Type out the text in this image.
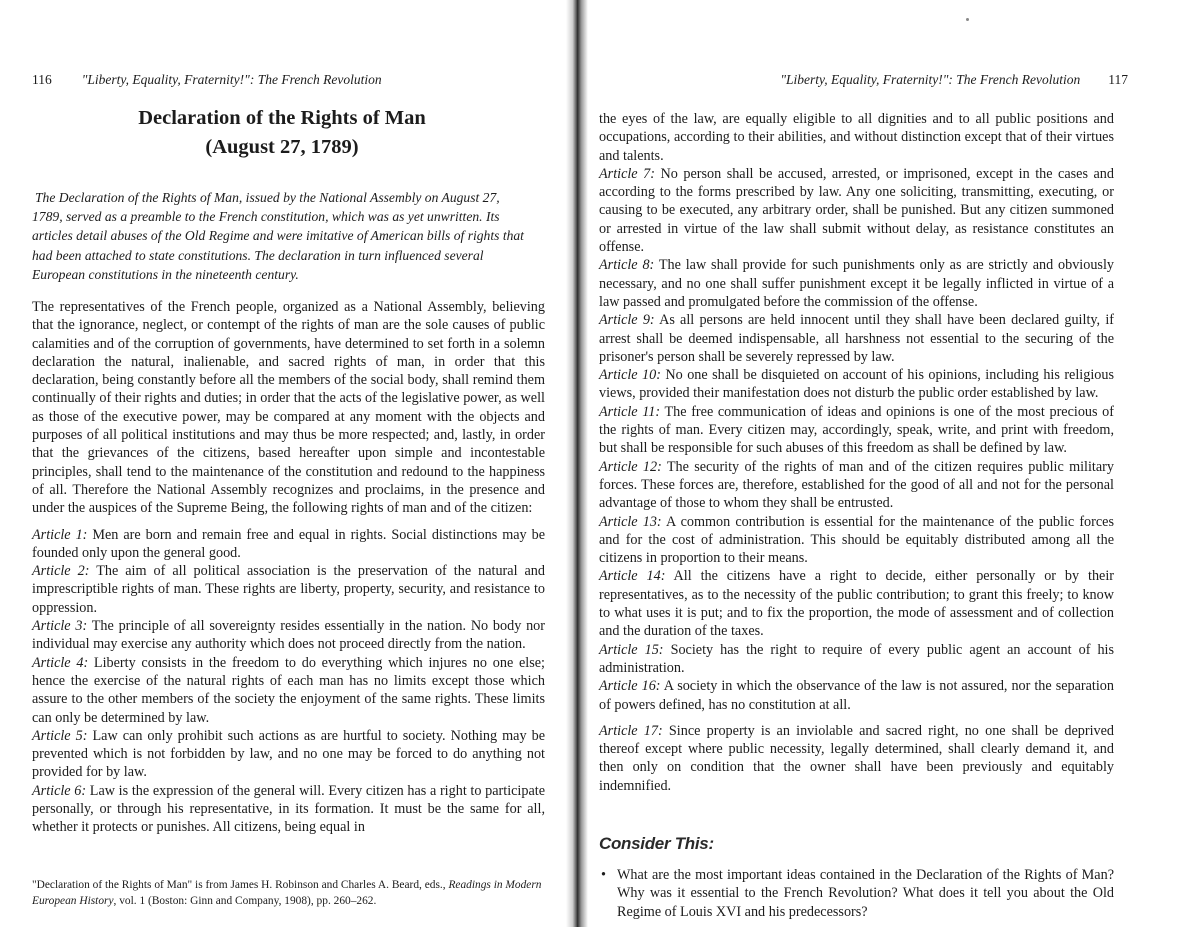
116 "Liberty, Equality, Fraternity!": The French Revolution
Declaration of the Rights of Man
(August 27, 1789)

The Declaration of the Rights of Man, issued by the National Assembly on August 27, 1789, served as a preamble to the French constitution, which was as yet unwritten. Its articles detail abuses of the Old Regime and were imitative of American bills of rights that had been attached to state constitutions. The declaration in turn influenced several European constitutions in the nineteenth century.

The representatives of the French people, organized as a National Assembly, believing that the ignorance, neglect, or contempt of the rights of man are the sole causes of public calamities and of the corruption of governments, have determined to set forth in a solemn declaration the natural, inalienable, and sacred rights of man, in order that this declaration, being constantly before all the members of the social body, shall remind them continually of their rights and duties; in order that the acts of the legislative power, as well as those of the executive power, may be compared at any moment with the objects and purposes of all political institutions and may thus be more respected; and, lastly, in order that the grievances of the citizens, based hereafter upon simple and incontestable principles, shall tend to the maintenance of the constitution and redound to the happiness of all. Therefore the National Assembly recognizes and proclaims, in the presence and under the auspices of the Supreme Being, the following rights of man and of the citizen:

Article 1: Men are born and remain free and equal in rights. Social distinctions may be founded only upon the general good.

Article 2: The aim of all political association is the preservation of the natural and imprescriptible rights of man. These rights are liberty, property, security, and resistance to oppression.

Article 3: The principle of all sovereignty resides essentially in the nation. No body nor individual may exercise any authority which does not proceed directly from the nation.

Article 4: Liberty consists in the freedom to do everything which injures no one else; hence the exercise of the natural rights of each man has no limits except those which assure to the other members of the society the enjoyment of the same rights. These limits can only be determined by law.

Article 5: Law can only prohibit such actions as are hurtful to society. Nothing may be prevented which is not forbidden by law, and no one may be forced to do anything not provided for by law.

Article 6: Law is the expression of the general will. Every citizen has a right to participate personally, or through his representative, in its formation. It must be the same for all, whether it protects or punishes. All citizens, being equal in

"Declaration of the Rights of Man" is from James H. Robinson and Charles A. Beard, eds., Readings in Modern European History, vol. 1 (Boston: Ginn and Company, 1908), pp. 260–262.

"Liberty, Equality, Fraternity!": The French Revolution 117

the eyes of the law, are equally eligible to all dignities and to all public positions and occupations, according to their abilities, and without distinction except that of their virtues and talents.

Article 7: No person shall be accused, arrested, or imprisoned, except in the cases and according to the forms prescribed by law. Any one soliciting, transmitting, executing, or causing to be executed, any arbitrary order, shall be punished. But any citizen summoned or arrested in virtue of the law shall submit without delay, as resistance constitutes an offense.

Article 8: The law shall provide for such punishments only as are strictly and obviously necessary, and no one shall suffer punishment except it be legally inflicted in virtue of a law passed and promulgated before the commission of the offense.

Article 9: As all persons are held innocent until they shall have been declared guilty, if arrest shall be deemed indispensable, all harshness not essential to the securing of the prisoner's person shall be severely repressed by law.

Article 10: No one shall be disquieted on account of his opinions, including his religious views, provided their manifestation does not disturb the public order established by law.

Article 11: The free communication of ideas and opinions is one of the most precious of the rights of man. Every citizen may, accordingly, speak, write, and print with freedom, but shall be responsible for such abuses of this freedom as shall be defined by law.

Article 12: The security of the rights of man and of the citizen requires public military forces. These forces are, therefore, established for the good of all and not for the personal advantage of those to whom they shall be entrusted.

Article 13: A common contribution is essential for the maintenance of the public forces and for the cost of administration. This should be equitably distributed among all the citizens in proportion to their means.

Article 14: All the citizens have a right to decide, either personally or by their representatives, as to the necessity of the public contribution; to grant this freely; to know to what uses it is put; and to fix the proportion, the mode of assessment and of collection and the duration of the taxes.

Article 15: Society has the right to require of every public agent an account of his administration.

Article 16: A society in which the observance of the law is not assured, nor the separation of powers defined, has no constitution at all.

Article 17: Since property is an inviolable and sacred right, no one shall be deprived thereof except where public necessity, legally determined, shall clearly demand it, and then only on condition that the owner shall have been previously and equitably indemnified.

Consider This:

• What are the most important ideas contained in the Declaration of the Rights of Man? Why was it essential to the French Revolution? What does it tell you about the Old Regime of Louis XVI and his predecessors?
